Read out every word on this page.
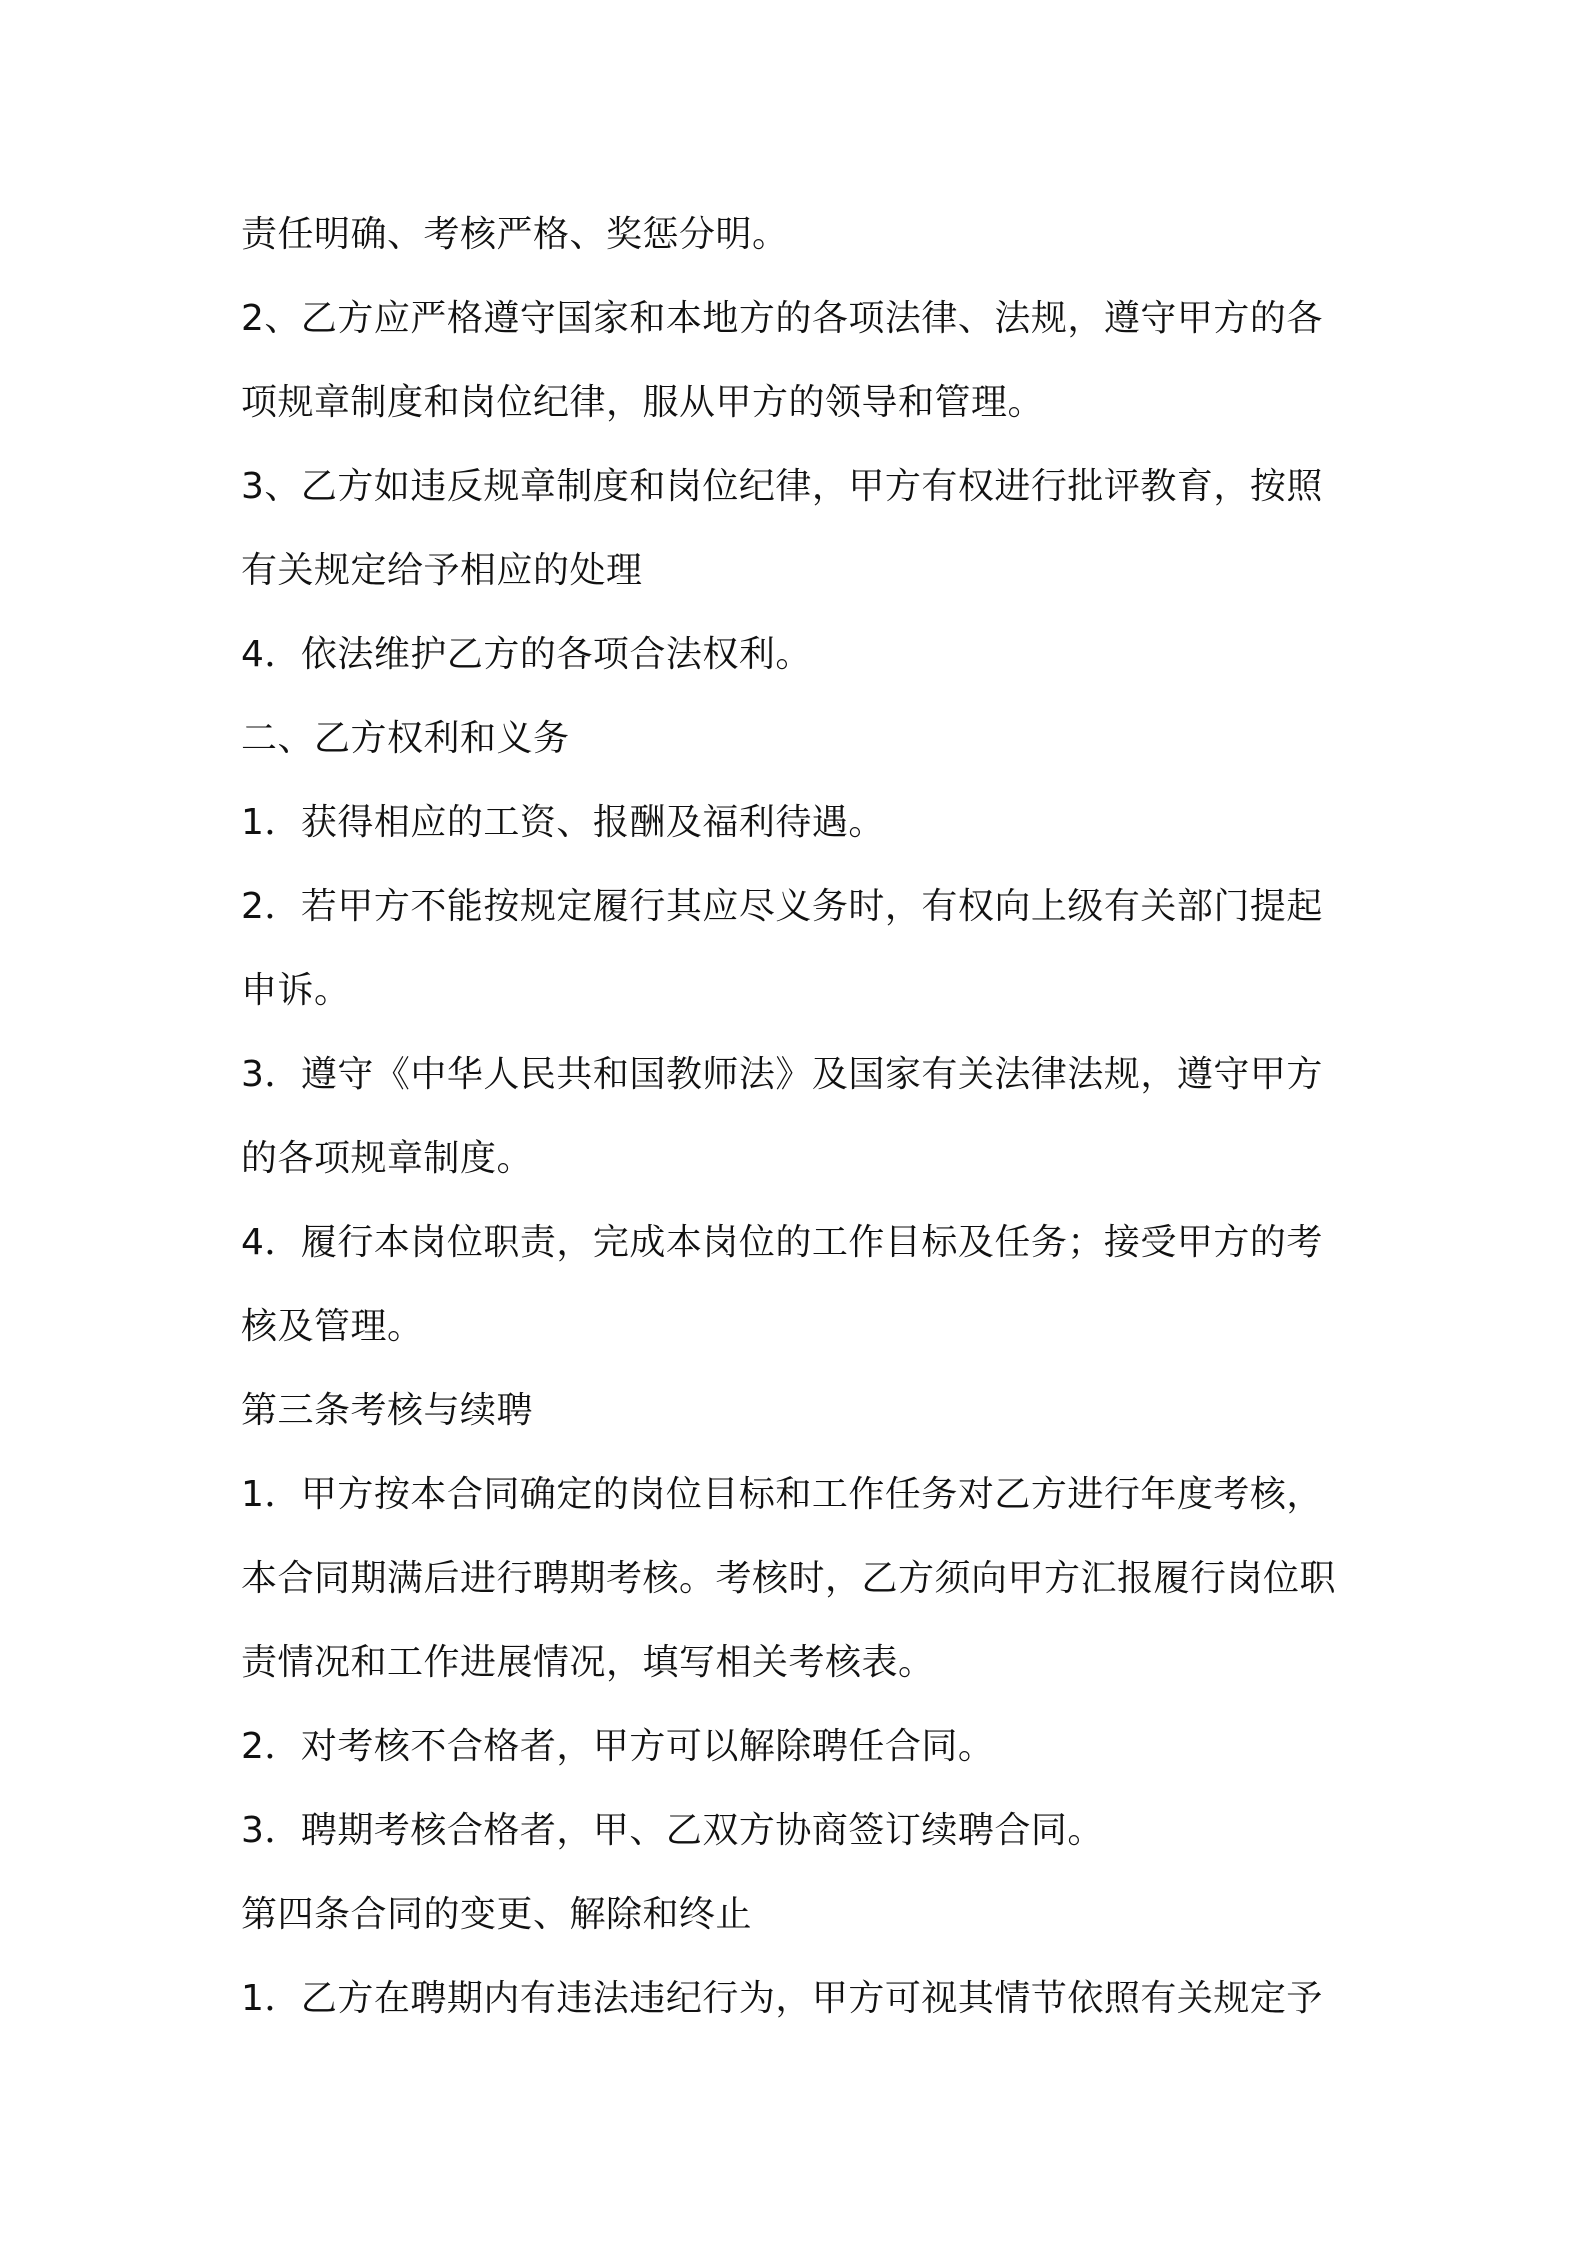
责任明确、考核严格、奖惩分明。
2、乙方应严格遵守国家和本地方的各项法律、法规，遵守甲方的各
项规章制度和岗位纪律，服从甲方的领导和管理。
3、乙方如违反规章制度和岗位纪律，甲方有权进行批评教育，按照
有关规定给予相应的处理
4．依法维护乙方的各项合法权利。
二、乙方权利和义务
1．获得相应的工资、报酬及福利待遇。
2．若甲方不能按规定履行其应尽义务时，有权向上级有关部门提起
申诉。
3．遵守《中华人民共和国教师法》及国家有关法律法规，遵守甲方
的各项规章制度。
4．履行本岗位职责，完成本岗位的工作目标及任务；接受甲方的考
核及管理。
第三条考核与续聘
1．甲方按本合同确定的岗位目标和工作任务对乙方进行年度考核，
本合同期满后进行聘期考核。考核时，乙方须向甲方汇报履行岗位职
责情况和工作进展情况，填写相关考核表。
2．对考核不合格者，甲方可以解除聘任合同。
3．聘期考核合格者，甲、乙双方协商签订续聘合同。
第四条合同的变更、解除和终止
1．乙方在聘期内有违法违纪行为，甲方可视其情节依照有关规定予
